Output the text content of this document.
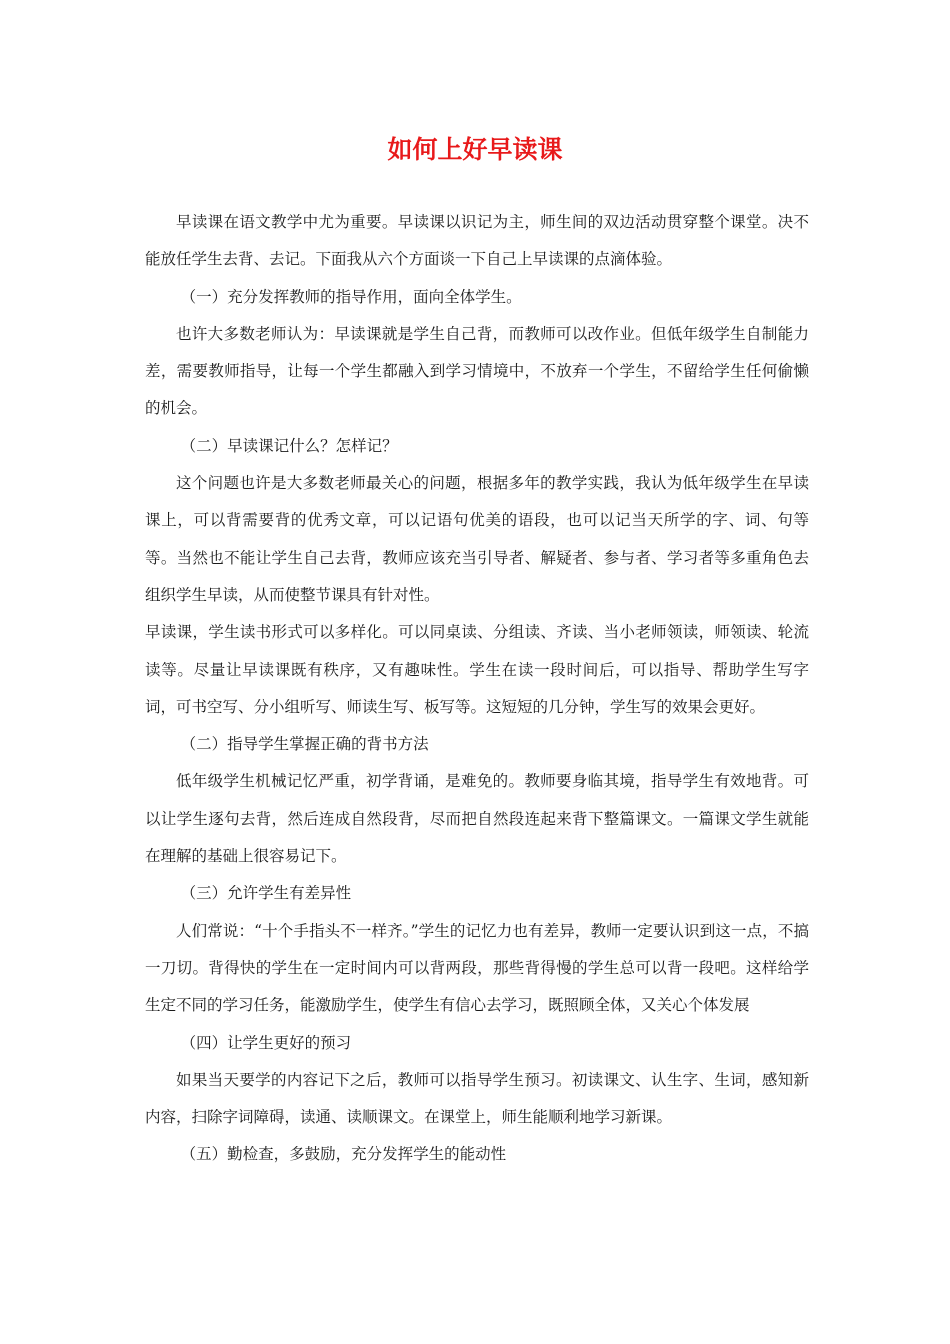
如何上好早读课

早读课在语文教学中尤为重要。早读课以识记为主，师生间的双边活动贯穿整个课堂。决不能放任学生去背、去记。下面我从六个方面谈一下自己上早读课的点滴体验。

（一）充分发挥教师的指导作用，面向全体学生。

也许大多数老师认为：早读课就是学生自己背，而教师可以改作业。但低年级学生自制能力差，需要教师指导，让每一个学生都融入到学习情境中，不放弃一个学生，不留给学生任何偷懒的机会。

（二）早读课记什么？怎样记？

这个问题也许是大多数老师最关心的问题，根据多年的教学实践，我认为低年级学生在早读课上，可以背需要背的优秀文章，可以记语句优美的语段，也可以记当天所学的字、词、句等等。当然也不能让学生自己去背，教师应该充当引导者、解疑者、参与者、学习者等多重角色去组织学生早读，从而使整节课具有针对性。

早读课，学生读书形式可以多样化。可以同桌读、分组读、齐读、当小老师领读，师领读、轮流读等。尽量让早读课既有秩序，又有趣味性。学生在读一段时间后，可以指导、帮助学生写字词，可书空写、分小组听写、师读生写、板写等。这短短的几分钟，学生写的效果会更好。

（二）指导学生掌握正确的背书方法

低年级学生机械记忆严重，初学背诵，是难免的。教师要身临其境，指导学生有效地背。可以让学生逐句去背，然后连成自然段背，尽而把自然段连起来背下整篇课文。一篇课文学生就能在理解的基础上很容易记下。

（三）允许学生有差异性

人们常说：“十个手指头不一样齐。”学生的记忆力也有差异，教师一定要认识到这一点，不搞一刀切。背得快的学生在一定时间内可以背两段，那些背得慢的学生总可以背一段吧。这样给学生定不同的学习任务，能激励学生，使学生有信心去学习，既照顾全体，又关心个体发展

（四）让学生更好的预习

如果当天要学的内容记下之后，教师可以指导学生预习。初读课文、认生字、生词，感知新内容，扫除字词障碍，读通、读顺课文。在课堂上，师生能顺利地学习新课。

（五）勤检查，多鼓励，充分发挥学生的能动性
